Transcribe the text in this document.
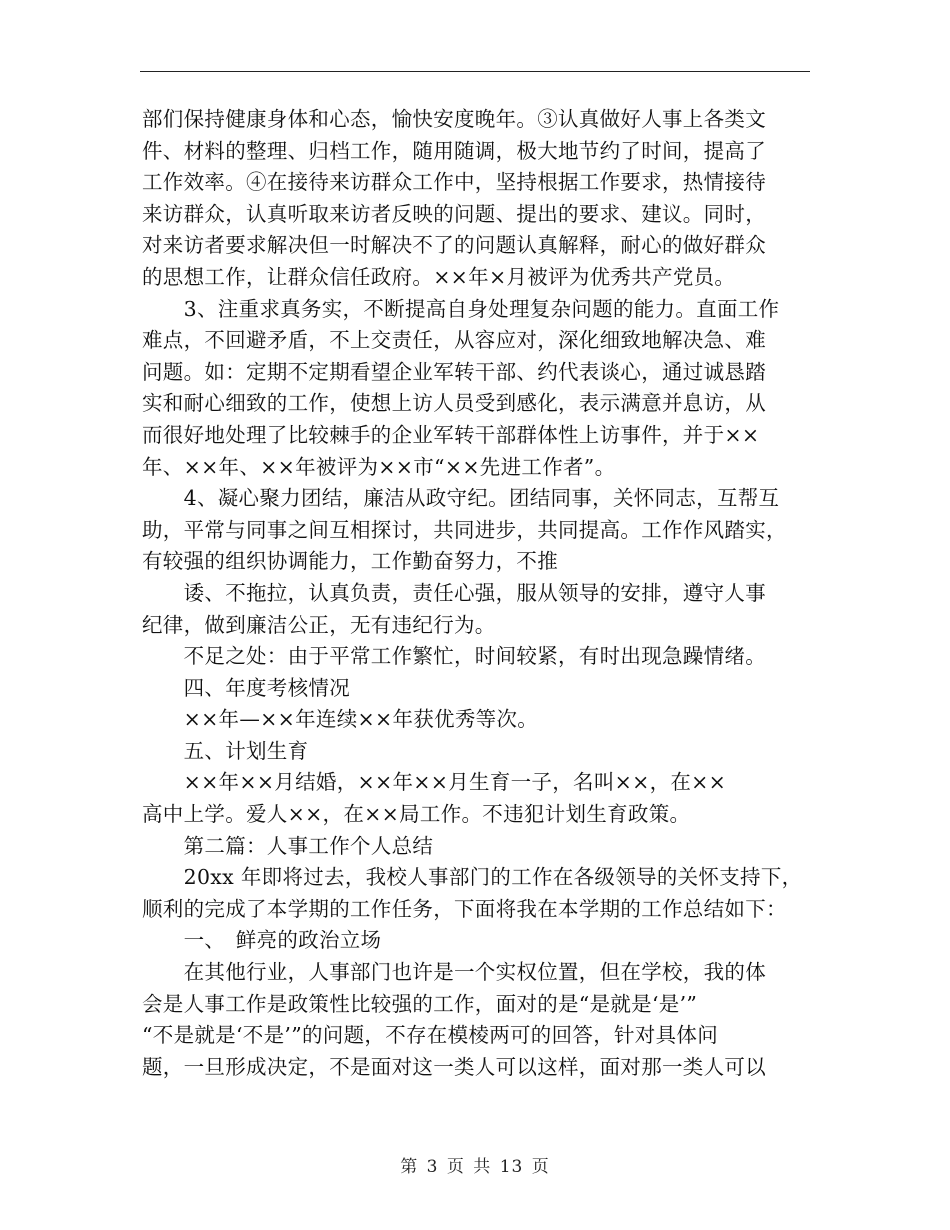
部们保持健康身体和心态，愉快安度晚年。③认真做好人事上各类文
件、材料的整理、归档工作，随用随调，极大地节约了时间，提高了
工作效率。④在接待来访群众工作中，坚持根据工作要求，热情接待
来访群众，认真听取来访者反映的问题、提出的要求、建议。同时，
对来访者要求解决但一时解决不了的问题认真解释，耐心的做好群众
的思想工作，让群众信任政府。××年×月被评为优秀共产党员。
　　3、注重求真务实，不断提高自身处理复杂问题的能力。直面工作
难点，不回避矛盾，不上交责任，从容应对，深化细致地解决急、难
问题。如：定期不定期看望企业军转干部、约代表谈心，通过诚恳踏
实和耐心细致的工作，使想上访人员受到感化，表示满意并息访，从
而很好地处理了比较棘手的企业军转干部群体性上访事件，并于××
年、××年、××年被评为××市“××先进工作者”。
　　4、凝心聚力团结，廉洁从政守纪。团结同事，关怀同志，互帮互
助，平常与同事之间互相探讨，共同进步，共同提高。工作作风踏实，
有较强的组织协调能力，工作勤奋努力，不推
　　诿、不拖拉，认真负责，责任心强，服从领导的安排，遵守人事
纪律，做到廉洁公正，无有违纪行为。
　　不足之处：由于平常工作繁忙，时间较紧，有时出现急躁情绪。
　　四、年度考核情况
　　××年—××年连续××年获优秀等次。
　　五、计划生育
　　××年××月结婚，××年××月生育一子，名叫××，在××
高中上学。爱人××，在××局工作。不违犯计划生育政策。
　　第二篇：人事工作个人总结
　　20xx 年即将过去，我校人事部门的工作在各级领导的关怀支持下，
顺利的完成了本学期的工作任务，下面将我在本学期的工作总结如下：
　　一、　鲜亮的政治立场
　　在其他行业，人事部门也许是一个实权位置，但在学校，我的体
会是人事工作是政策性比较强的工作，面对的是“是就是‘是’”
“不是就是‘不是’”的问题，不存在模棱两可的回答，针对具体问
题，一旦形成决定，不是面对这一类人可以这样，面对那一类人可以
第 3 页 共 13 页
